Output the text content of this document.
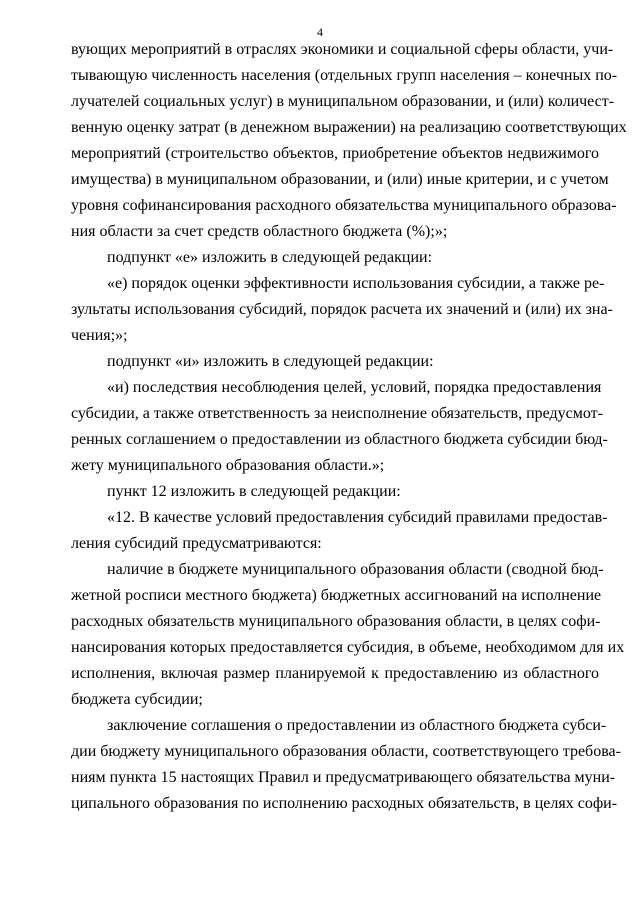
4
вующих мероприятий в отраслях экономики и социальной сферы области, учи-
тывающую численность населения (отдельных групп населения – конечных по-
лучателей социальных услуг) в муниципальном образовании, и (или) количест-
венную оценку затрат (в денежном выражении) на реализацию соответствующих
мероприятий (строительство объектов, приобретение объектов недвижимого
имущества) в муниципальном образовании, и (или) иные критерии, и с учетом
уровня софинансирования расходного обязательства муниципального образова-
ния области за счет средств областного бюджета (%);»;
подпункт «е» изложить в следующей редакции:
«е) порядок оценки эффективности использования субсидии, а также ре-
зультаты использования субсидий, порядок расчета их значений и (или) их зна-
чения;»;
подпункт «и» изложить в следующей редакции:
«и) последствия несоблюдения целей, условий, порядка предоставления
субсидии, а также ответственность за неисполнение обязательств, предусмот-
ренных соглашением о предоставлении из областного бюджета субсидии бюд-
жету муниципального образования области.»;
пункт 12 изложить в следующей редакции:
«12. В качестве условий предоставления субсидий правилами предостав-
ления субсидий предусматриваются:
наличие в бюджете муниципального образования области (сводной бюд-
жетной росписи местного бюджета) бюджетных ассигнований на исполнение
расходных обязательств муниципального образования области, в целях софи-
нансирования которых предоставляется субсидия, в объеме, необходимом для их
исполнения, включая размер планируемой к предоставлению из областного
бюджета субсидии;
заключение соглашения о предоставлении из областного бюджета субси-
дии бюджету муниципального образования области, соответствующего требова-
ниям пункта 15 настоящих Правил и предусматривающего обязательства муни-
ципального образования по исполнению расходных обязательств, в целях софи-
